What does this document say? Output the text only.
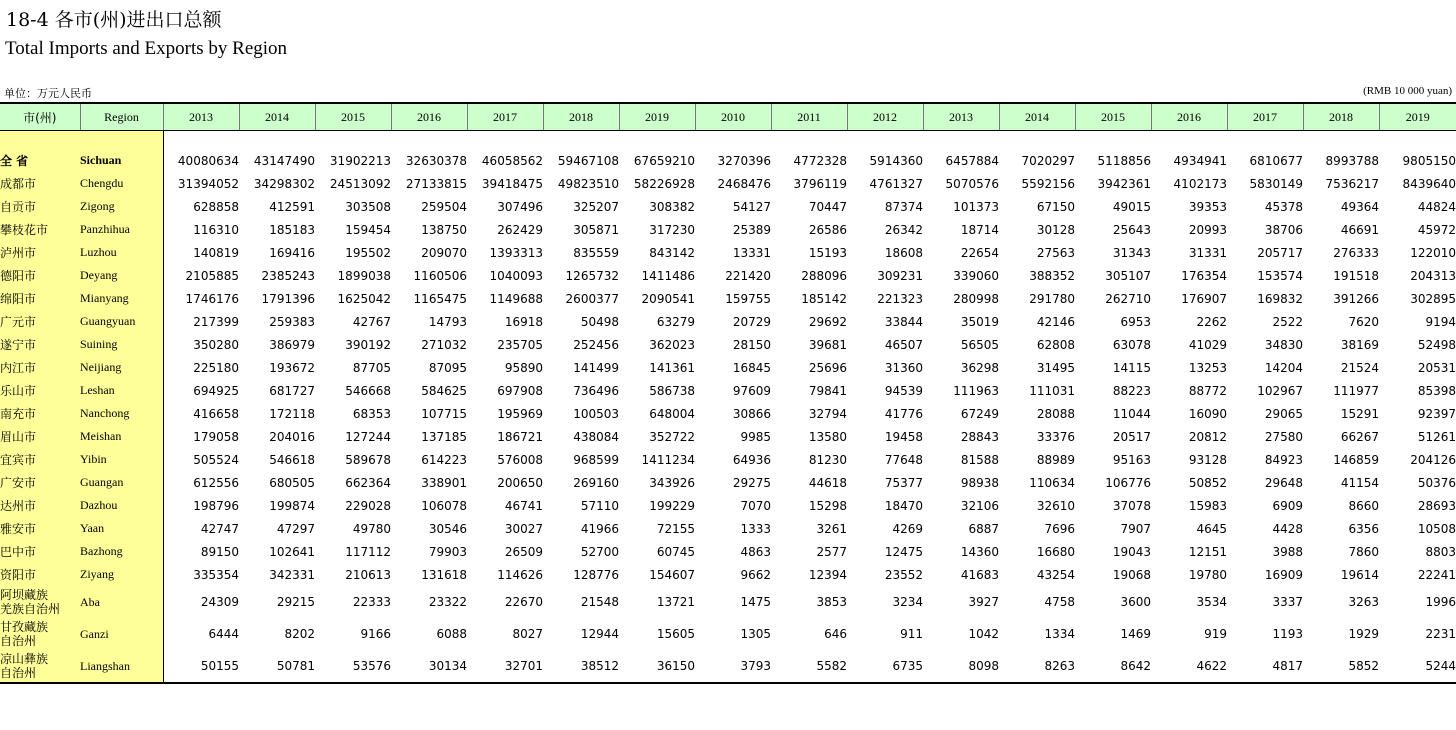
18-4 各市(州)进出口总额
Total Imports and Exports by Region
单位：万元人民币	(RMB 10 000 yuan)
市(州)	Region	2013	2014	2015	2016	2017	2018	2019	2010	2011	2012	2013	2014	2015	2016	2017	2018	2019

全 省	Sichuan	40080634	43147490	31902213	32630378	46058562	59467108	67659210	3270396	4772328	5914360	6457884	7020297	5118856	4934941	6810677	8993788	9805150
成都市	Chengdu	31394052	34298302	24513092	27133815	39418475	49823510	58226928	2468476	3796119	4761327	5070576	5592156	3942361	4102173	5830149	7536217	8439640
自贡市	Zigong	628858	412591	303508	259504	307496	325207	308382	54127	70447	87374	101373	67150	49015	39353	45378	49364	44824
攀枝花市	Panzhihua	116310	185183	159454	138750	262429	305871	317230	25389	26586	26342	18714	30128	25643	20993	38706	46691	45972
泸州市	Luzhou	140819	169416	195502	209070	1393313	835559	843142	13331	15193	18608	22654	27563	31343	31331	205717	276333	122010
德阳市	Deyang	2105885	2385243	1899038	1160506	1040093	1265732	1411486	221420	288096	309231	339060	388352	305107	176354	153574	191518	204313
绵阳市	Mianyang	1746176	1791396	1625042	1165475	1149688	2600377	2090541	159755	185142	221323	280998	291780	262710	176907	169832	391266	302895
广元市	Guangyuan	217399	259383	42767	14793	16918	50498	63279	20729	29692	33844	35019	42146	6953	2262	2522	7620	9194
遂宁市	Suining	350280	386979	390192	271032	235705	252456	362023	28150	39681	46507	56505	62808	63078	41029	34830	38169	52498
内江市	Neijiang	225180	193672	87705	87095	95890	141499	141361	16845	25696	31360	36298	31495	14115	13253	14204	21524	20531
乐山市	Leshan	694925	681727	546668	584625	697908	736496	586738	97609	79841	94539	111963	111031	88223	88772	102967	111977	85398
南充市	Nanchong	416658	172118	68353	107715	195969	100503	648004	30866	32794	41776	67249	28088	11044	16090	29065	15291	92397
眉山市	Meishan	179058	204016	127244	137185	186721	438084	352722	9985	13580	19458	28843	33376	20517	20812	27580	66267	51261
宜宾市	Yibin	505524	546618	589678	614223	576008	968599	1411234	64936	81230	77648	81588	88989	95163	93128	84923	146859	204126
广安市	Guangan	612556	680505	662364	338901	200650	269160	343926	29275	44618	75377	98938	110634	106776	50852	29648	41154	50376
达州市	Dazhou	198796	199874	229028	106078	46741	57110	199229	7070	15298	18470	32106	32610	37078	15983	6909	8660	28693
雅安市	Yaan	42747	47297	49780	30546	30027	41966	72155	1333	3261	4269	6887	7696	7907	4645	4428	6356	10508
巴中市	Bazhong	89150	102641	117112	79903	26509	52700	60745	4863	2577	12475	14360	16680	19043	12151	3988	7860	8803
资阳市	Ziyang	335354	342331	210613	131618	114626	128776	154607	9662	12394	23552	41683	43254	19068	19780	16909	19614	22241

阿坝藏族
羌族自治州	Aba	24309	29215	22333	23322	22670	21548	13721	1475	3853	3234	3927	4758	3600	3534	3337	3263	1996

甘孜藏族
自治州	Ganzi	6444	8202	9166	6088	8027	12944	15605	1305	646	911	1042	1334	1469	919	1193	1929	2231

凉山彝族
自治州	Liangshan	50155	50781	53576	30134	32701	38512	36150	3793	5582	6735	8098	8263	8642	4622	4817	5852	5244
